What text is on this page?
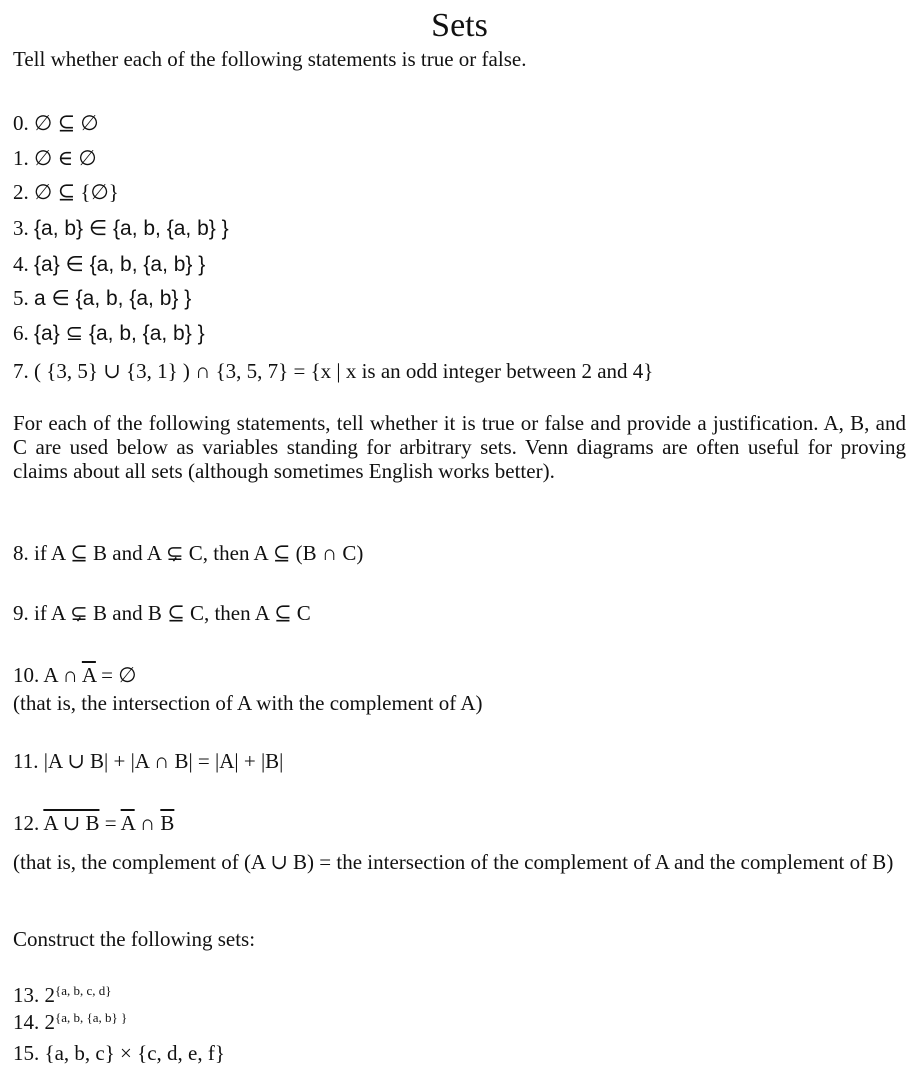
Sets
Tell whether each of the following statements is true or false.
0. ∅ ⊆ ∅
1. ∅ ∈ ∅
2. ∅ ⊆ {∅}
3. {a, b} ∈ {a, b, {a, b} }
4. {a} ∈ {a, b, {a, b} }
5. a ∈ {a, b, {a, b} }
6. {a} ⊆ {a, b, {a, b} }
7. ( {3, 5} ∪ {3, 1} ) ∩ {3, 5, 7} = {x | x is an odd integer between 2 and 4}
For each of the following statements, tell whether it is true or false and provide a justification. A, B, and C are used below as variables standing for arbitrary sets. Venn diagrams are often useful for proving claims about all sets (although sometimes English works better).
8. if A ⊆ B and A ⊊ C, then A ⊆ (B ∩ C)
9. if A ⊊ B and B ⊆ C, then A ⊆ C
10. A ∩ $\overline{A}$ = ∅
(that is, the intersection of A with the complement of A)
11. |A ∪ B| + |A ∩ B| = |A| + |B|
12. A ∪ $B = \overline{A}$ ∩ $\overline{B}$
(that is, the complement of (A ∪ B) = the intersection of the complement of A and the complement of B)
Construct the following sets:
13. $2^{\{a, b, c, d\}}$
14. $2^{\{a, b, \{a, b\} \}}$
15. {a, b, c} × {c, d, e, f}
